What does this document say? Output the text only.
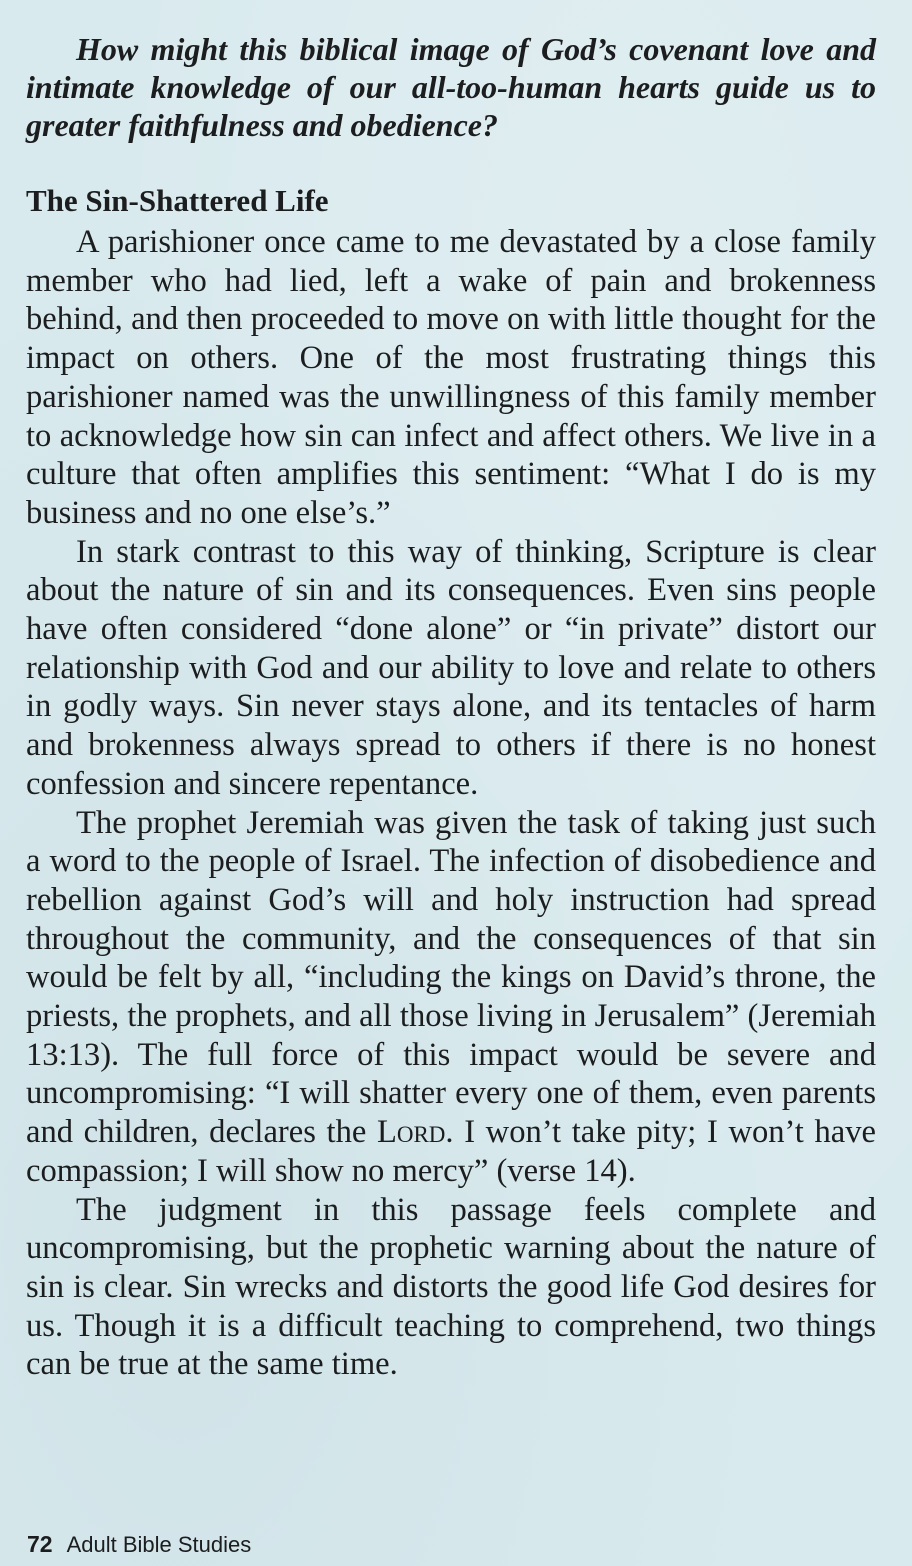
How might this biblical image of God’s covenant love and intimate knowledge of our all-too-human hearts guide us to greater faithfulness and obedience?
The Sin-Shattered Life

A parishioner once came to me devastated by a close family member who had lied, left a wake of pain and brokenness behind, and then proceeded to move on with little thought for the impact on others. One of the most frustrating things this parishioner named was the unwillingness of this family member to acknowledge how sin can infect and affect others. We live in a culture that often amplifies this sentiment: “What I do is my business and no one else’s.”

In stark contrast to this way of thinking, Scripture is clear about the nature of sin and its consequences. Even sins people have often considered “done alone” or “in private” distort our relationship with God and our ability to love and relate to others in godly ways. Sin never stays alone, and its tentacles of harm and brokenness always spread to others if there is no honest confession and sincere repentance.

The prophet Jeremiah was given the task of taking just such a word to the people of Israel. The infection of disobedience and rebellion against God’s will and holy instruction had spread throughout the community, and the consequences of that sin would be felt by all, “including the kings on David’s throne, the priests, the prophets, and all those living in Jerusalem” (Jeremiah 13:13). The full force of this impact would be severe and uncompromising: “I will shatter every one of them, even parents and children, declares the Lord. I won’t take pity; I won’t have compassion; I will show no mercy” (verse 14).

The judgment in this passage feels complete and uncompromising, but the prophetic warning about the nature of sin is clear. Sin wrecks and distorts the good life God desires for us. Though it is a difficult teaching to comprehend, two things can be true at the same time.

72 Adult Bible Studies
